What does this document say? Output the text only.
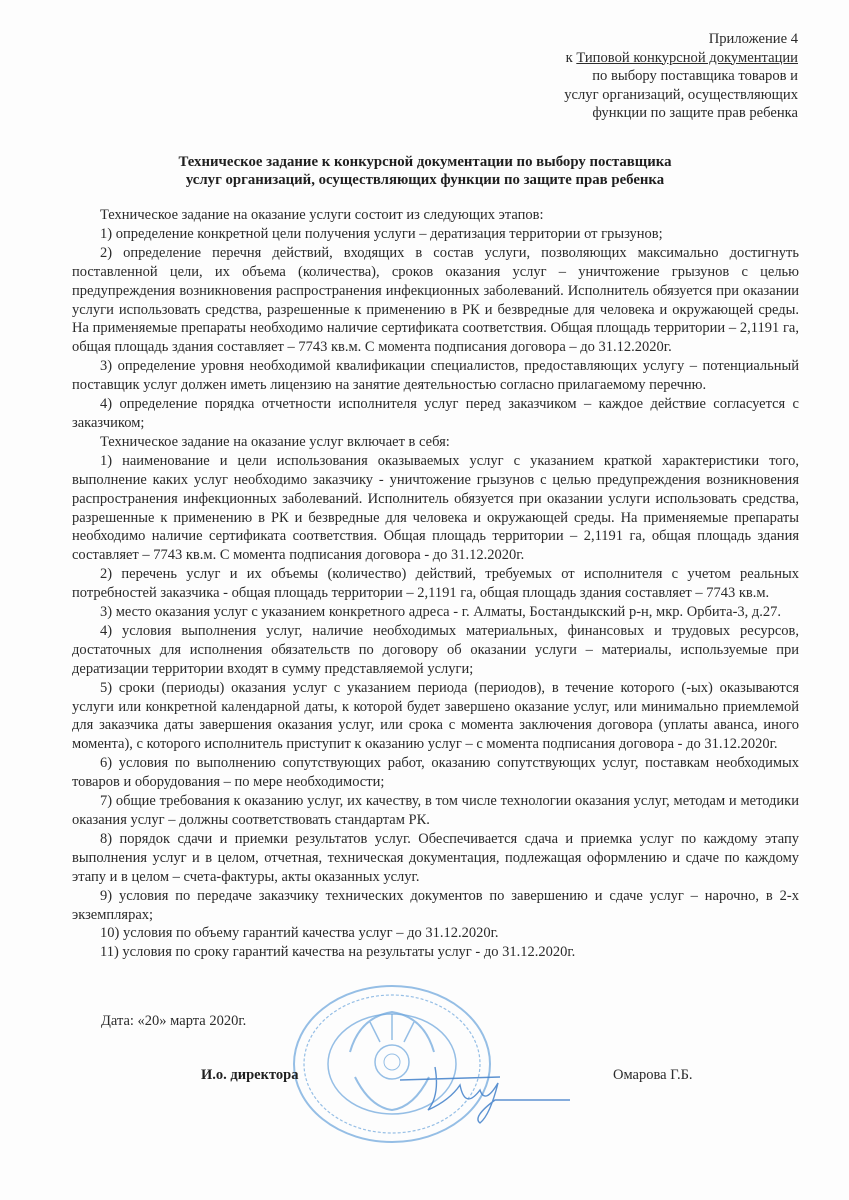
Приложение 4
к Типовой конкурсной документации
по выбору поставщика товаров и
услуг организаций, осуществляющих
функции по защите прав ребенка
Техническое задание к конкурсной документации по выбору поставщика
услуг организаций, осуществляющих функции по защите прав ребенка

Техническое задание на оказание услуги состоит из следующих этапов:

1) определение конкретной цели получения услуги – дератизация территории от грызунов;

2) определение перечня действий, входящих в состав услуги, позволяющих максимально достигнуть поставленной цели, их объема (количества), сроков оказания услуг – уничтожение грызунов с целью предупреждения возникновения распространения инфекционных заболеваний. Исполнитель обязуется при оказании услуги использовать средства, разрешенные к применению в РК и безвредные для человека и окружающей среды. На применяемые препараты необходимо наличие сертификата соответствия. Общая площадь территории – 2,1191 га, общая площадь здания составляет – 7743 кв.м. С момента подписания договора – до 31.12.2020г.

3) определение уровня необходимой квалификации специалистов, предоставляющих услугу – потенциальный поставщик услуг должен иметь лицензию на занятие деятельностью согласно прилагаемому перечню.

4) определение порядка отчетности исполнителя услуг перед заказчиком – каждое действие согласуется с заказчиком;

Техническое задание на оказание услуг включает в себя:

1) наименование и цели использования оказываемых услуг с указанием краткой характеристики того, выполнение каких услуг необходимо заказчику - уничтожение грызунов с целью предупреждения возникновения распространения инфекционных заболеваний. Исполнитель обязуется при оказании услуги использовать средства, разрешенные к применению в РК и безвредные для человека и окружающей среды. На применяемые препараты необходимо наличие сертификата соответствия. Общая площадь территории – 2,1191 га, общая площадь здания составляет – 7743 кв.м. С момента подписания договора - до 31.12.2020г.

2) перечень услуг и их объемы (количество) действий, требуемых от исполнителя с учетом реальных потребностей заказчика - общая площадь территории – 2,1191 га, общая площадь здания составляет – 7743 кв.м.

3) место оказания услуг с указанием конкретного адреса - г. Алматы, Бостандыкский р-н, мкр. Орбита-3, д.27.

4) условия выполнения услуг, наличие необходимых материальных, финансовых и трудовых ресурсов, достаточных для исполнения обязательств по договору об оказании услуги – материалы, используемые при дератизации территории входят в сумму представляемой услуги;

5) сроки (периоды) оказания услуг с указанием периода (периодов), в течение которого (-ых) оказываются услуги или конкретной календарной даты, к которой будет завершено оказание услуг, или минимально приемлемой для заказчика даты завершения оказания услуг, или срока с момента заключения договора (уплаты аванса, иного момента), с которого исполнитель приступит к оказанию услуг – с момента подписания договора - до 31.12.2020г.

6) условия по выполнению сопутствующих работ, оказанию сопутствующих услуг, поставкам необходимых товаров и оборудования – по мере необходимости;

7) общие требования к оказанию услуг, их качеству, в том числе технологии оказания услуг, методам и методики оказания услуг – должны соответствовать стандартам РК.

8) порядок сдачи и приемки результатов услуг. Обеспечивается сдача и приемка услуг по каждому этапу выполнения услуг и в целом, отчетная, техническая документация, подлежащая оформлению и сдаче по каждому этапу и в целом – счета-фактуры, акты оказанных услуг.

9) условия по передаче заказчику технических документов по завершению и сдаче услуг – нарочно, в 2-х экземплярах;

10) условия по объему гарантий качества услуг – до 31.12.2020г.

11) условия по сроку гарантий качества на результаты услуг - до 31.12.2020г.

Дата: «20» марта 2020г.
И.о. директора	Омарова Г.Б.
